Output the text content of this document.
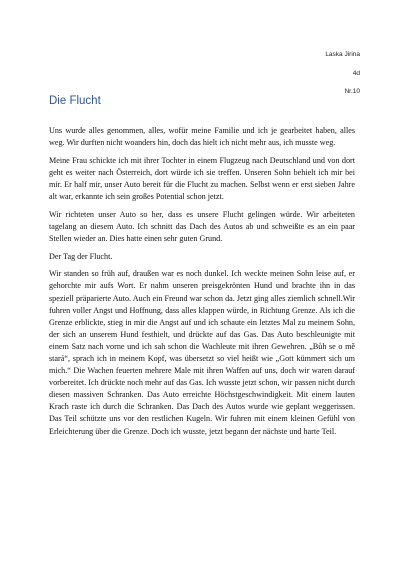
Laska Jirina
4d
Nr.10
Die Flucht

Uns wurde alles genommen, alles, wofür meine Familie und ich je gearbeitet haben, alles weg. Wir durften nicht woanders hin, doch das hielt ich nicht mehr aus, ich musste weg.

Meine Frau schickte ich mit ihrer Tochter in einem Flugzeug nach Deutschland und von dort geht es weiter nach Österreich, dort würde ich sie treffen. Unseren Sohn behielt ich mir bei mir. Er half mir, unser Auto bereit für die Flucht zu machen. Selbst wenn er erst sieben Jahre alt war, erkannte ich sein großes Potential schon jetzt.

Wir richteten unser Auto so her, dass es unsere Flucht gelingen würde. Wir arbeiteten tagelang an diesem Auto. Ich schnitt das Dach des Autos ab und schweißte es an ein paar Stellen wieder an. Dies hatte einen sehr guten Grund.

Der Tag der Flucht.

Wir standen so früh auf, draußen war es noch dunkel. Ich weckte meinen Sohn leise auf, er gehorchte mir aufs Wort. Er nahm unseren preisgekrönten Hund und brachte ihn in das speziell präparierte Auto. Auch ein Freund war schon da. Jetzt ging alles ziemlich schnell.Wir fuhren voller Angst und Hoffnung, dass alles klappen würde, in Richtung Grenze. Als ich die Grenze erblickte, stieg in mir die Angst auf und ich schaute ein letztes Mal zu meinem Sohn, der sich an unserem Hund festhielt, und drückte auf das Gas. Das Auto beschleunigte mit einem Satz nach vorne und ich sah schon die Wachleute mit ihren Gewehren. „Bůh se o mě stará“, sprach ich in meinem Kopf, was übersetzt so viel heißt wie „Gott kümmert sich um mich.“ Die Wachen feuerten mehrere Male mit ihren Waffen auf uns, doch wir waren darauf vorbereitet. Ich drückte noch mehr auf das Gas. Ich wusste jetzt schon, wir passen nicht durch diesen massiven Schranken. Das Auto erreichte Höchstgeschwindigkeit. Mit einem lauten Krach raste ich durch die Schranken. Das Dach des Autos wurde wie geplant weggerissen. Das Teil schützte uns vor den restlichen Kugeln. Wir fuhren mit einem kleinen Gefühl von Erleichterung über die Grenze. Doch ich wusste, jetzt begann der nächste und harte Teil.
